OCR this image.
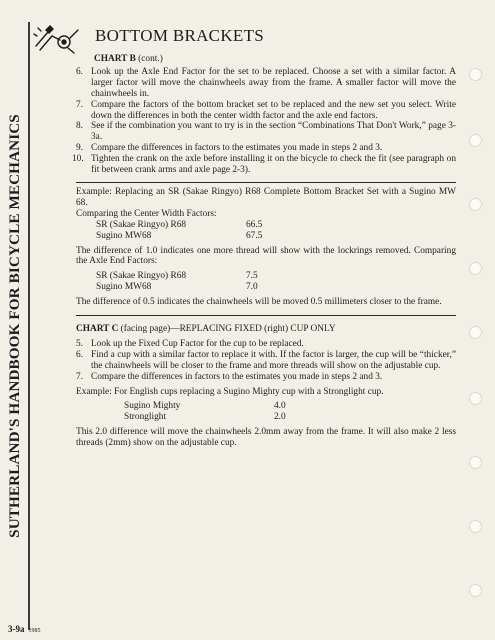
SUTHERLAND'S HANDBOOK FOR BICYCLE MECHANICS
BOTTOM BRACKETS
CHART B (cont.)
6. Look up the Axle End Factor for the set to be replaced. Choose a set with a similar factor. A larger factor will move the chainwheels away from the frame. A smaller factor will move the chainwheels in.
7. Compare the factors of the bottom bracket set to be replaced and the new set you select. Write down the differences in both the center width factor and the axle end factors.
8. See if the combination you want to try is in the section “Combinations That Don't Work,” page 3-3a.
9. Compare the differences in factors to the estimates you made in steps 2 and 3.
10. Tighten the crank on the axle before installing it on the bicycle to check the fit (see paragraph on fit between crank arms and axle page 2-3).

Example: Replacing an SR (Sakae Ringyo) R68 Complete Bottom Bracket Set with a Sugino MW 68.

Comparing the Center Width Factors:

SR (Sakae Ringyo) R68	66.5
Sugino MW68	67.5

The difference of 1.0 indicates one more thread will show with the lockrings removed. Comparing the Axle End Factors:

SR (Sakae Ringyo) R68	7.5
Sugino MW68	7.0

The difference of 0.5 indicates the chainwheels will be moved 0.5 millimeters closer to the frame.

CHART C (facing page)—REPLACING FIXED (right) CUP ONLY

5. Look up the Fixed Cup Factor for the cup to be replaced.
6. Find a cup with a similar factor to replace it with. If the factor is larger, the cup will be “thicker,” the chainwheels will be closer to the frame and more threads will show on the adjustable cup.
7. Compare the differences in factors to the estimates you made in steps 2 and 3.

Example: For English cups replacing a Sugino Mighty cup with a Stronglight cup.

Sugino Mighty	4.0
Stronglight	2.0

This 2.0 difference will move the chainwheels 2.0mm away from the frame. It will also make 2 less threads (2mm) show on the adjustable cup.

3-9a 1985
